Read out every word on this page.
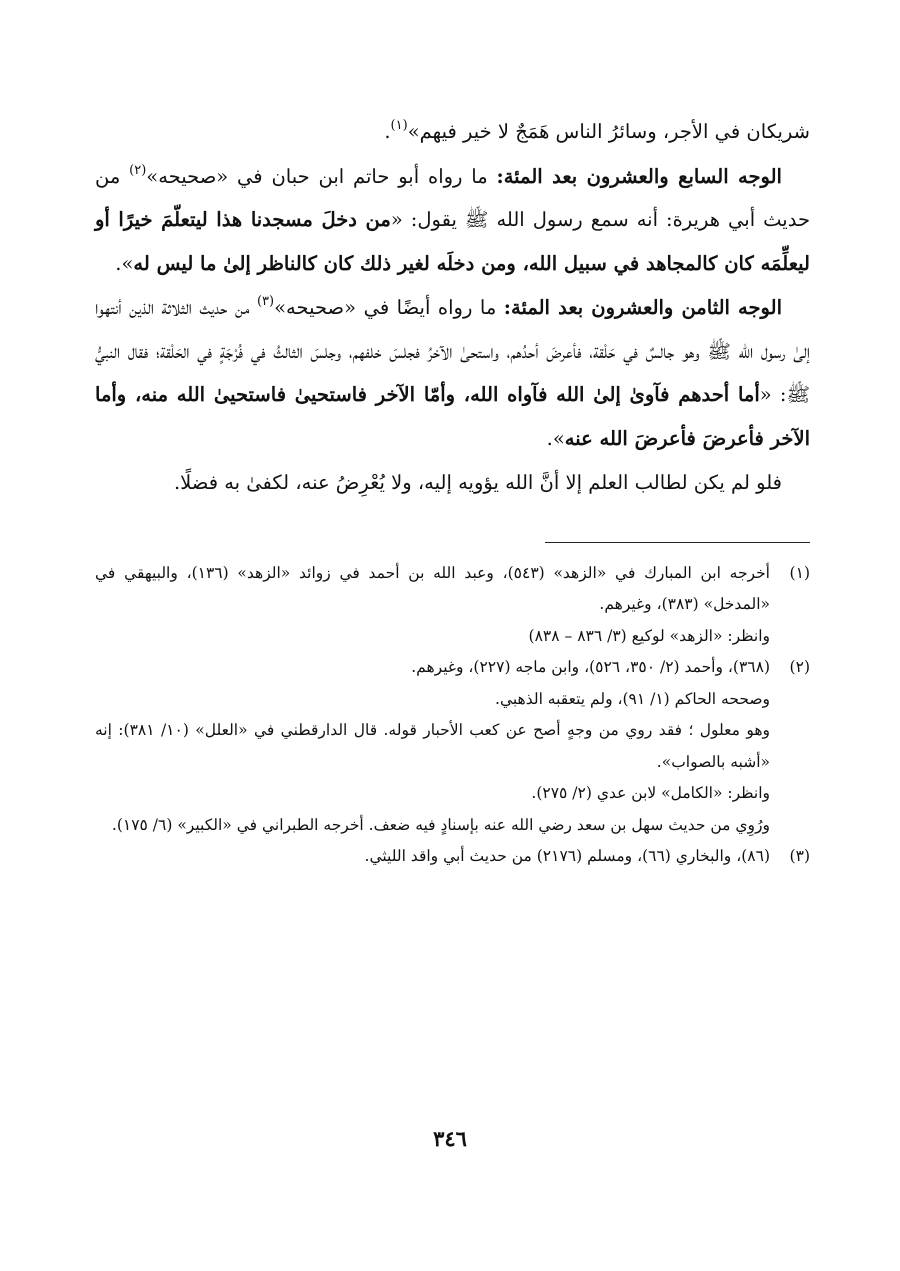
شريكان في الأجر، وسائرُ الناس هَمَجٌ لا خير فيهم»$^{(١)}$.

الوجه السابع والعشرون بعد المئة: ما رواه أبو حاتم ابن حبان في «صحيحه»$^{(٢)}$ من حديث أبي هريرة: أنه سمع رسول الله ﷺ يقول: «من دخلَ مسجدنا هذا ليتعلّمَ خيرًا أو ليعلِّمَه كان كالمجاهد في سبيل الله، ومن دخلَه لغير ذلك كان كالناظر إلىٰ ما ليس له».

الوجه الثامن والعشرون بعد المئة: ما رواه أيضًا في «صحيحه»$^{(٣)}$ من حديث الثلاثة الذين أنتهوا إلىٰ رسول الله ﷺ وهو جالسٌ في حَلْقة، فأعرضَ أحدُهم، واستحىٰ الآخرُ فجلسَ خلفهم، وجلسَ الثالثُ في فُرْجَةٍ في الحَلْقة؛ فقال النبيُّ ﷺ: «أما أحدهم فآوىٰ إلىٰ الله فآواه الله، وأمّا الآخر فاستحيىٰ فاستحيىٰ الله منه، وأما الآخر فأعرضَ فأعرضَ الله عنه».

فلو لم يكن لطالب العلم إلا أنَّ الله يؤويه إليه، ولا يُعْرِضُ عنه، لكفىٰ به فضلًا.

(١)
أخرجه ابن المبارك في «الزهد» (٥٤٣)، وعبد الله بن أحمد في زوائد «الزهد» (١٣٦)، والبيهقي في «المدخل» (٣٨٣)، وغيرهم.
وانظر: «الزهد» لوكيع (٣/ ٨٣٦ – ٨٣٨)
(٢)
(٣٦٨)، وأحمد (٢/ ٣٥٠، ٥٢٦)، وابن ماجه (٢٢٧)، وغيرهم.
وصححه الحاكم (١/ ٩١)، ولم يتعقبه الذهبي.
وهو معلول ؛ فقد روي من وجهٍ أصح عن كعب الأحبار قوله. قال الدارقطني في «العلل» (١٠/ ٣٨١): إنه «أشبه بالصواب».
وانظر: «الكامل» لابن عدي (٢/ ٢٧٥).
ورُوِي من حديث سهل بن سعد رضي الله عنه بإسنادٍ فيه ضعف. أخرجه الطبراني في «الكبير» (٦/ ١٧٥).
(٣)
(٨٦)، والبخاري (٦٦)، ومسلم (٢١٧٦) من حديث أبي واقد الليثي.
٣٤٦
